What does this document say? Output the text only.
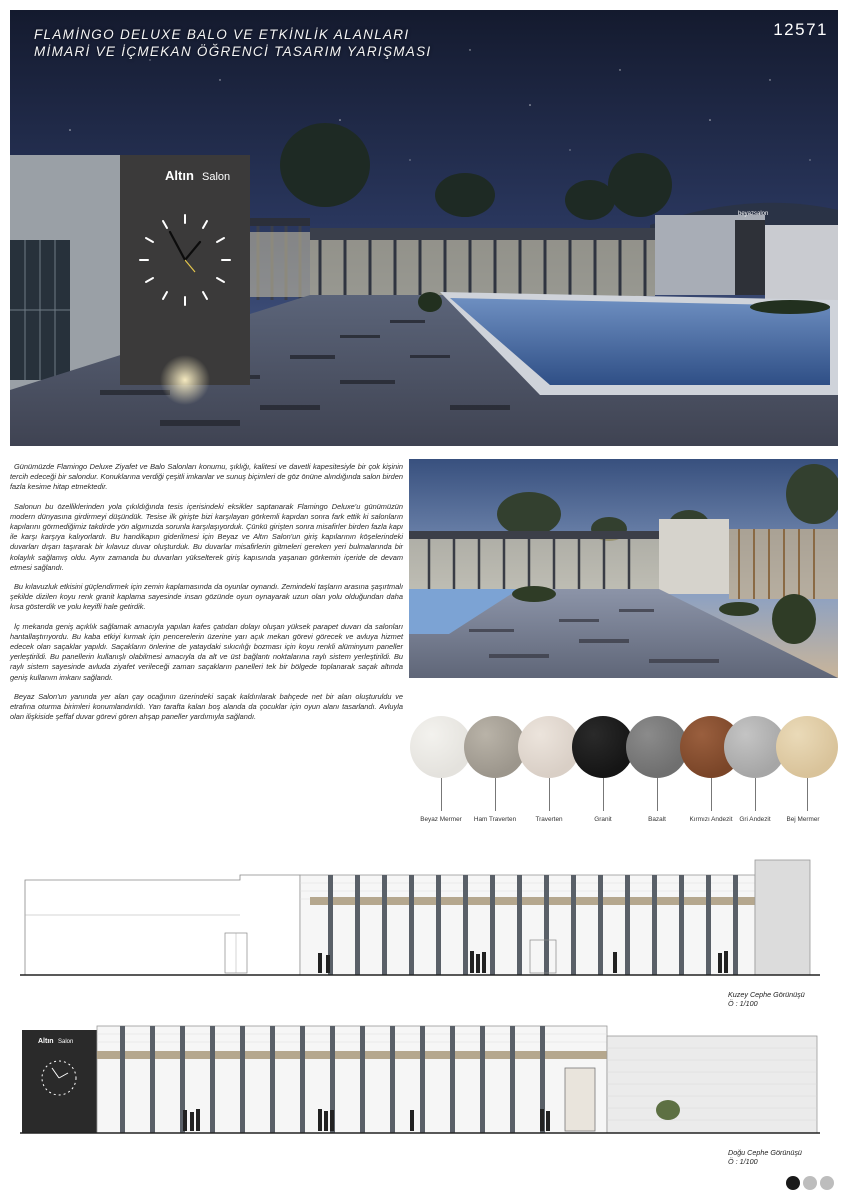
beyazsalon
Altın Salon
FLAMİNGO DELUXE BALO VE ETKİNLİK ALANLARI
MİMARİ VE İÇMEKAN ÖĞRENCİ TASARIM YARIŞMASI
12571

Günümüzde Flamingo Deluxe Ziyafet ve Balo Salonları konumu, şıklığı, kalitesi ve davetli kapesitesiyle bir çok kişinin tercih edeceği bir salondur. Konuklarına verdiği çeşitli imkanlar ve sunuş biçimleri de göz önüne alındığında salon birden fazla kesime hitap etmektedir.

Salonun bu özelliklerinden yola çıkıldığında tesis içerisindeki eksikler saptanarak Flamingo Deluxe'u günümüzün modern dünyasına girdirmeyi düşündük. Tesise ilk girişte bizi karşılayan görkemli kapıdan sonra fark ettik ki salonların kapılarını görmediğimiz takdirde yön algımızda sorunla karşılaşıyorduk. Çünkü girişten sonra misafirler birden fazla kapı ile karşı karşıya kalıyorlardı. Bu handikapın giderilmesi için Beyaz ve Altın Salon'un giriş kapılarının köşelerindeki duvarları dışarı taşırarak bir kılavuz duvar oluşturduk. Bu duvarlar misafirlerin gitmeleri gereken yeri bulmalarında bir kolaylık sağlamış oldu. Aynı zamanda bu duvarları yükselterek giriş kapısında yaşanan görkemin içeride de devam etmesi sağlandı.

Bu kılavuzluk etkisini güçlendirmek için zemin kaplamasında da oyunlar oynandı. Zemindeki taşların arasına şaşırtmalı şekilde dizilen koyu renk granit kaplama sayesinde insan gözünde oyun oynayarak uzun olan yolu olduğundan daha kısa gösterdik ve yolu keyifli hale getirdik.

İç mekanda geniş açıklık sağlamak amacıyla yapılan kafes çatıdan dolayı oluşan yüksek parapet duvarı da salonları hantallaştırıyordu. Bu kaba etkiyi kırmak için pencerelerin üzerine yarı açık mekan görevi görecek ve avluya hizmet edecek olan saçaklar yapıldı. Saçakların önlerine de yataydaki sıkıcılığı bozması için koyu renkli alüminyum paneller yerleştirildi. Bu panellerin kullanışlı olabilmesi amacıyla da alt ve üst bağlantı noktalarına raylı sistem yerleştirildi. Bu raylı sistem sayesinde avluda ziyafet verileceği zaman saçakların panelleri tek bir bölgede toplanarak saçak altında geniş kullanım imkanı sağlandı.

Beyaz Salon'un yanında yer alan çay ocağının üzerindeki saçak kaldırılarak bahçede net bir alan oluşturuldu ve etrafına oturma birimleri konumlandırıldı. Yan tarafta kalan boş alanda da çocuklar için oyun alanı tasarlandı. Avluyla olan ilişkiside şeffaf duvar görevi gören ahşap paneller yardımıyla sağlandı.

Beyaz Mermer	Ham Traverten	Traverten	Granit	Bazalt	Kırmızı Andezit	Gri Andezit	Bej Mermer
Kuzey Cephe Görünüşü
Ö : 1/100
Altın Salon
Doğu Cephe Görünüşü
Ö : 1/100
